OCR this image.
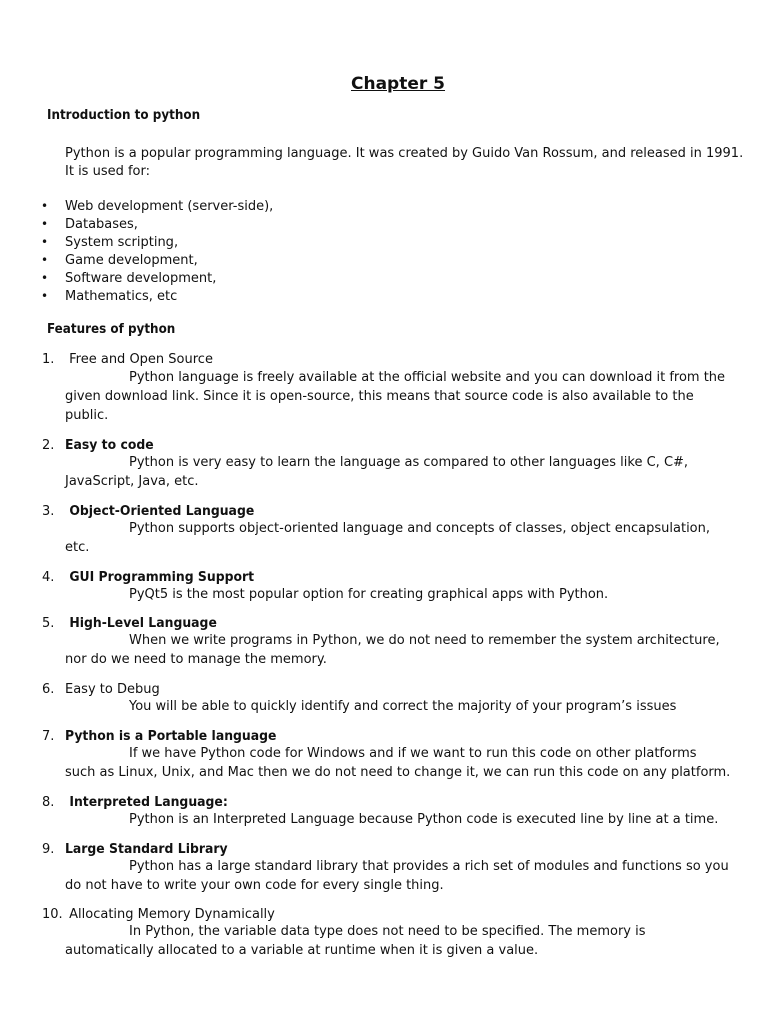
Chapter 5
Introduction to python
Python is a popular programming language. It was created by Guido Van Rossum, and released in 1991.
It is used for:
• Web development (server-side),
• Databases,
• System scripting,
• Game development,
• Software development,
• Mathematics, etc
Features of python
1. Free and Open Source
Python language is freely available at the official website and you can download it from the
given download link. Since it is open-source, this means that source code is also available to the
public.
2. Easy to code
Python is very easy to learn the language as compared to other languages like C, C#,
JavaScript, Java, etc.
3. Object-Oriented Language
Python supports object-oriented language and concepts of classes, object encapsulation,
etc.
4. GUI Programming Support
PyQt5 is the most popular option for creating graphical apps with Python.
5. High-Level Language
When we write programs in Python, we do not need to remember the system architecture,
nor do we need to manage the memory.
6. Easy to Debug
You will be able to quickly identify and correct the majority of your program’s issues
7. Python is a Portable language
If we have Python code for Windows and if we want to run this code on other platforms
such as Linux, Unix, and Mac then we do not need to change it, we can run this code on any platform.
8. Interpreted Language:
Python is an Interpreted Language because Python code is executed line by line at a time.
9. Large Standard Library
Python has a large standard library that provides a rich set of modules and functions so you
do not have to write your own code for every single thing.
10. Allocating Memory Dynamically
In Python, the variable data type does not need to be specified. The memory is
automatically allocated to a variable at runtime when it is given a value.
